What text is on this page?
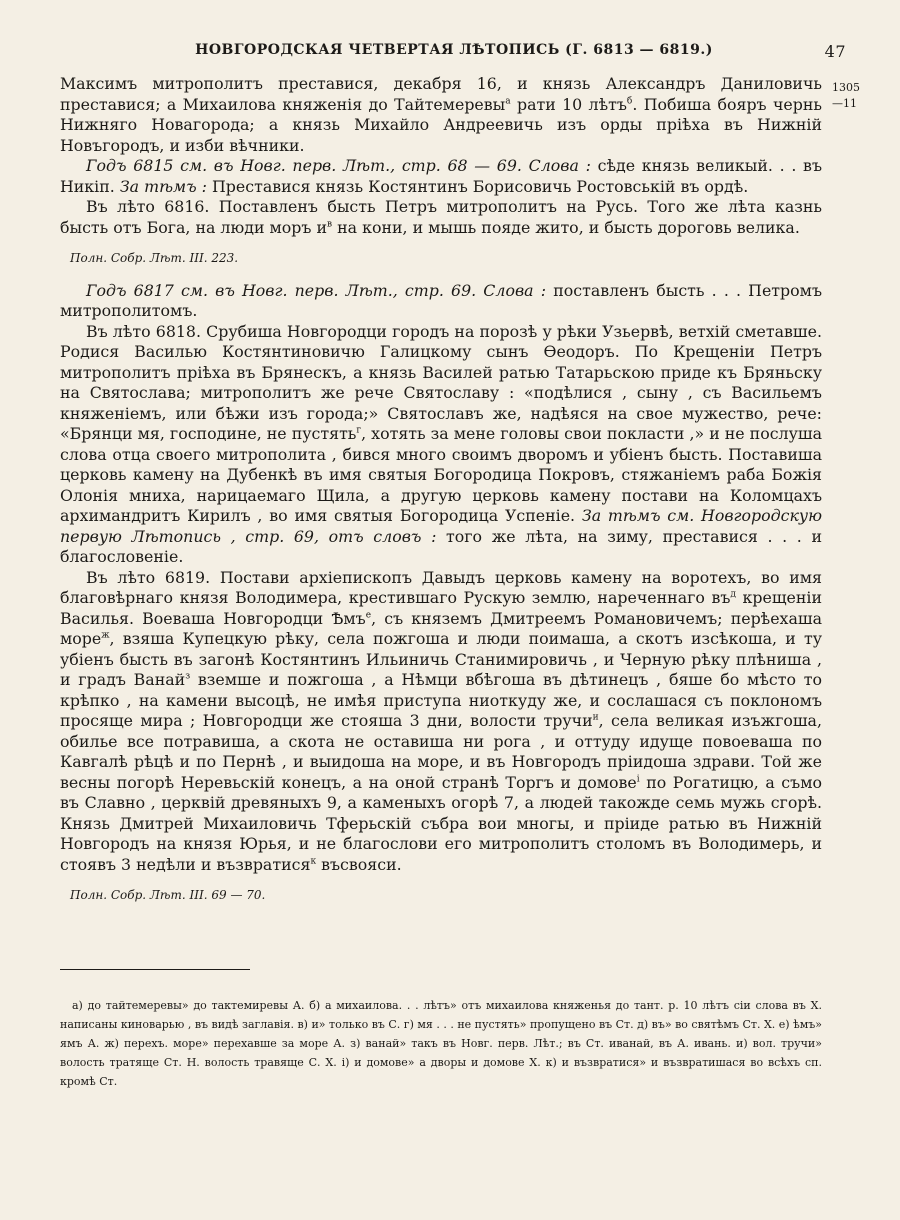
НОВГОРОДСКАЯ ЧЕТВЕРТАЯ ЛѢТОПИСЬ (Г. 6813 — 6819.)	47
1305
—11

Максимъ митрополитъ преставися, декабря 16, и князь Александръ Даниловичь преставися; а Михаилова княженія до Тайтемеревы$^а$ рати 10 лѣтъ$^б$. Побиша бояръ чернь Нижняго Новагорода; а князь Михайло Андреевичь изъ орды пріѣха въ Нижній Новъгородъ, и изби вѣчники.

Годъ 6815 см. въ Новг. перв. Лѣт., стр. 68 — 69. Слова : сѣде князь великый. . . въ Никіп. За тѣмъ : Преставися князь Костянтинъ Борисовичь Ростовській въ ордѣ.

Въ лѣто 6816. Поставленъ бысть Петръ митрополитъ на Русь. Того же лѣта казнь бысть отъ Бога, на люди моръ $и^в$ на кони, и мышь пояде жито, и бысть дороговь велика.

Полн. Собр. Лѣт. III. 223.

Годъ 6817 см. въ Новг. перв. Лѣт., стр. 69. Слова : поставленъ бысть . . . Петромъ митрополитомъ.

Въ лѣто 6818. Срубиша Новгородци городъ на порозѣ у рѣки Узьервѣ, ветхій сметавше. Родися Василью Костянтиновичю Галицкому сынъ Ѳеодоръ. По Крещеніи Петръ митрополитъ пріѣха въ Брянескъ, а князь Василей ратью Татарьскою приде къ Бряньску на Святослава; митрополитъ же рече Святославу : «подѣлися , сыну , съ Васильемъ княженіемъ, или бѣжи изъ города;» Святославъ же, надѣяся на свое мужество, рече: «Брянци мя, господине, не пустять$^г$, хотять за мене головы свои покласти ,» и не послуша слова отца своего митрополита , бився много своимъ дворомъ и убіенъ бысть. Поставиша церковь камену на Дубенкѣ въ имя святыя Богородица Покровъ, стяжаніемъ раба Божія Олонія мниха, нарицаемаго Щила, а другую церковь камену постави на Коломцахъ архимандритъ Кирилъ , во имя святыя Богородица Успеніе. За тѣмъ см. Новгородскую первую Лѣтопись , стр. 69, отъ словъ : того же лѣта, на зиму, преставися . . . и благословеніе.

Въ лѣто 6819. Постави архіепископъ Давыдъ церковь камену на воротехъ, во имя благовѣрнаго князя Володимера, крестившаго Рускую землю, нареченнаго $въ^д$ крещеніи Василья. Воеваша Новгородци Ѣмъ$^е$, съ княземъ Дмитреемъ Романовичемъ; перѣехаша море$^ж$, взяша Купецкую рѣку, села пожгоша и люди поимаша, а скотъ изсѣкоша, и ту убіенъ бысть въ загонѣ Костянтинъ Ильиничь Станимировичь , и Черную рѣку плѣниша , и градъ Ванай$^з$ вземше и пожгоша , а Нѣмци вбѣгоша въ дѣтинецъ , бяше бо мѣсто то крѣпко , на камени высоцѣ, не имѣя приступа ниоткуду же, и сослашася съ поклономъ просяще мира ; Новгородци же стояша 3 дни, волости тручи$^и$, села великая изъжгоша, обилье все потравиша, а скота не оставиша ни рога , и оттуду идуще повоеваша по Кавгалѣ рѣцѣ и по Пернѣ , и выидоша на море, и въ Новгородъ пріидоша здрави. Той же весны погорѣ Неревьскій конецъ, а на оной странѣ Торгъ и домове$^і$ по Рогатицю, а съмо въ Славно , церквій древяныхъ 9, а каменыхъ огорѣ 7, а людей такожде семь мужь сгорѣ. Князь Дмитрей Михаиловичь Тферьскій събра вои многы, и пріиде ратью въ Нижній Новгородъ на князя Юрья, и не благослови его митрополитъ столомъ въ Володимерь, и стоявъ 3 недѣли и възвратися$^к$ въсвояси.

Полн. Собр. Лѣт. III. 69 — 70.

а) до тайтемеревы» до тактемиревы А. б) а михаилова. . . лѣтъ» отъ михаилова княженья до тант. р. 10 лѣтъ сіи слова въ Х. написаны киноварью , въ видѣ заглавія. в) и» только въ С. г) мя . . . не пустять» пропущено въ Ст. д) въ» во святѣмъ Ст. Х. е) ѣмъ» ямъ А. ж) перехъ. море» перехавше за море А. з) ванай» такъ въ Новг. перв. Лѣт.; въ Ст. иванай, въ А. ивань. и) вол. тручи» волость тратяще Ст. Н. волость травяще С. Х. і) и домове» а дворы и домове Х. к) и възвратися» и възвратишася во всѣхъ сп. кромѣ Ст.
